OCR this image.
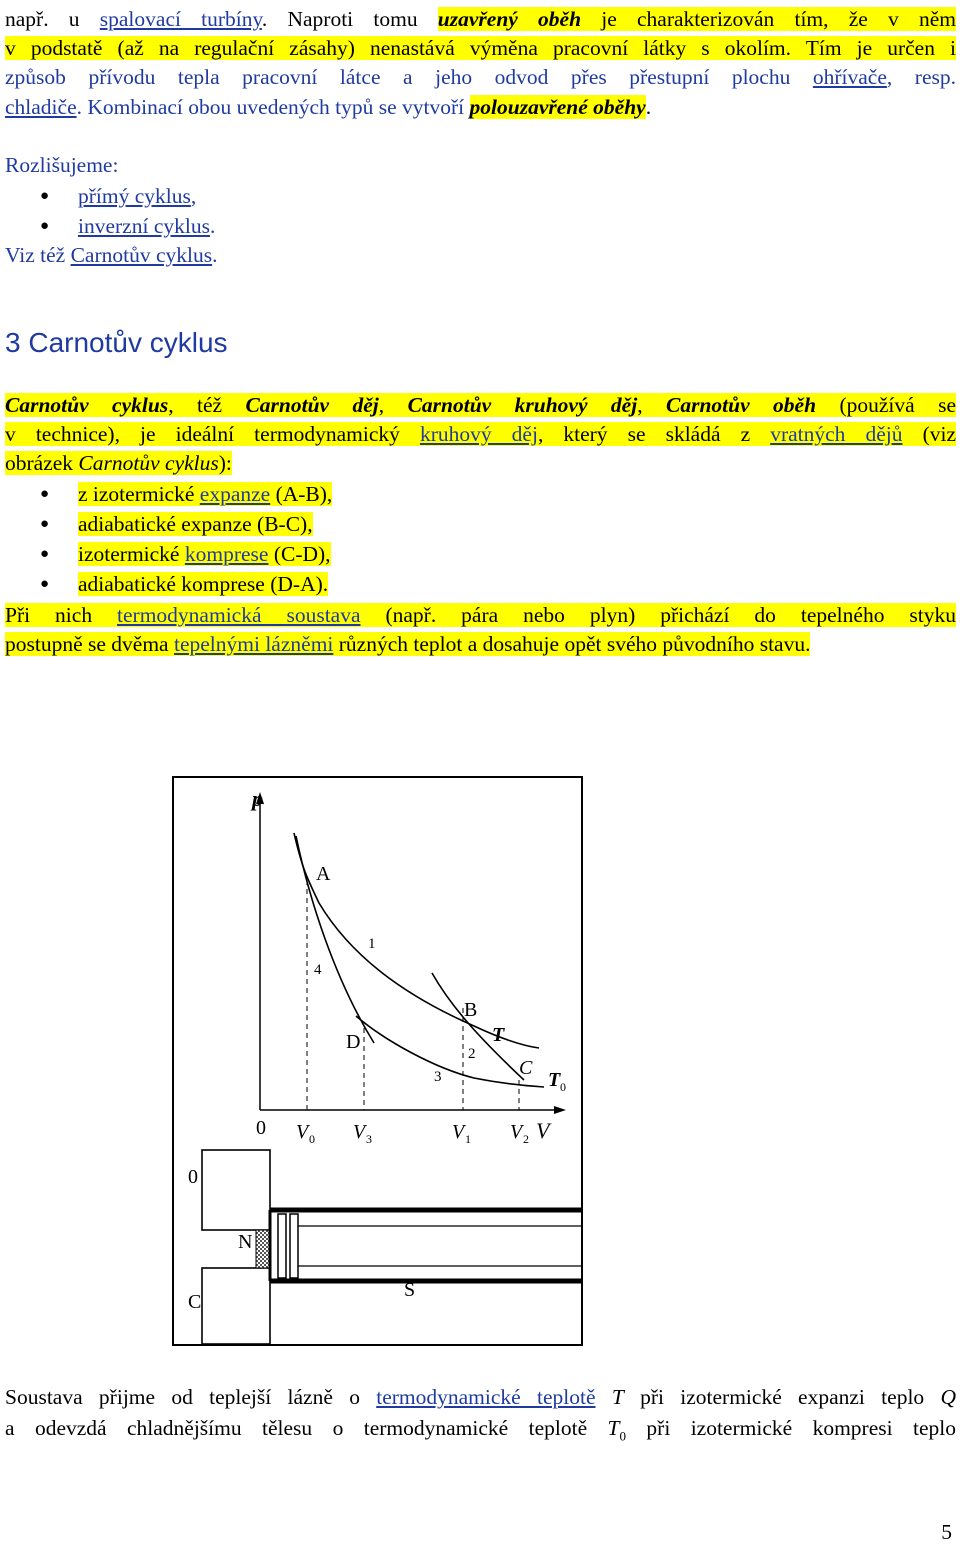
např. u spalovací turbíny. Naproti tomu uzavřený oběh je charakterizován tím, že v něm
v podstatě (až na regulační zásahy) nenastává výměna pracovní látky s okolím. Tím je určen i
způsob přívodu tepla pracovní látce a jeho odvod přes přestupní plochu ohřívače, resp.
chladiče. Kombinací obou uvedených typů se vytvoří polouzavřené oběhy.
Rozlišujeme:
● přímý cyklus,
● inverzní cyklus.
Viz též Carnotův cyklus.
3 Carnotův cyklus
Carnotův cyklus, též Carnotův děj, Carnotův kruhový děj, Carnotův oběh (používá se
v technice), je ideální termodynamický kruhový děj, který se skládá z vratných dějů (viz
obrázek Carnotův cyklus):
● z izotermické expanze (A-B),
● adiabatické expanze (B-C),
● izotermické komprese (C-D),
● adiabatické komprese (D-A).
Při nich termodynamická soustava (např. pára nebo plyn) přichází do tepelného styku
postupně se dvěma tepelnými lázněmi různých teplot a dosahuje opět svého původního stavu.
p
V
0
A
B
C
D
1
2
3
4
T
T 0
V 0 V 3	V 1 V 2
0
N
C
S
Soustava přijme od teplejší lázně o termodynamické teplotě T při izotermické expanzi teplo Q
a odevzdá chladnějšímu tělesu o termodynamické teplotě $T_0$ při izotermické kompresi teplo
5
